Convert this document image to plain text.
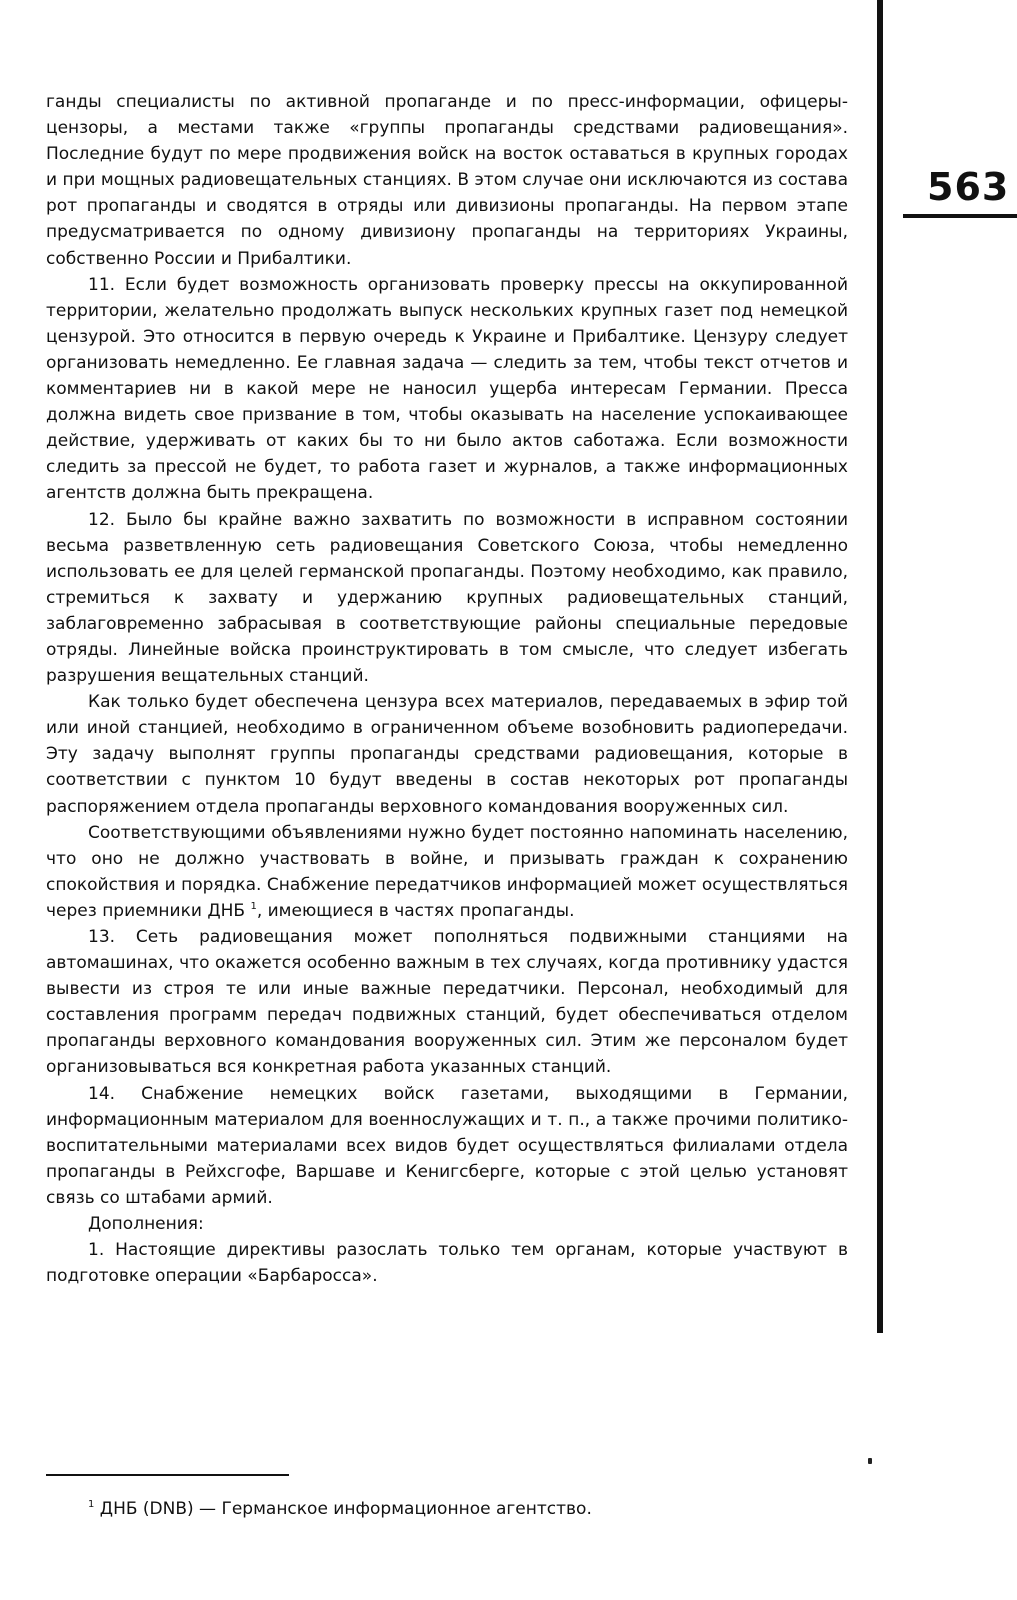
563

ганды специалисты по активной пропаганде и по пресс-информации, офицеры-цензоры, а местами также «группы пропаганды средствами радиовещания». Последние будут по мере продвижения войск на восток оставаться в крупных городах и при мощных радиовещательных станциях. В этом случае они исключаются из состава рот пропаганды и сводятся в отряды или дивизионы пропаганды. На первом этапе предусматривается по одному дивизиону пропаганды на территориях Украины, собственно России и Прибалтики.

11. Если будет возможность организовать проверку прессы на оккупированной территории, желательно продолжать выпуск нескольких крупных газет под немецкой цензурой. Это относится в первую очередь к Украине и Прибалтике. Цензуру следует организовать немедленно. Ее главная задача — следить за тем, чтобы текст отчетов и комментариев ни в какой мере не наносил ущерба интересам Германии. Пресса должна видеть свое призвание в том, чтобы оказывать на население успокаивающее действие, удерживать от каких бы то ни было актов саботажа. Если возможности следить за прессой не будет, то работа газет и журналов, а также информационных агентств должна быть прекращена.

12. Было бы крайне важно захватить по возможности в исправном состоянии весьма разветвленную сеть радиовещания Советского Союза, чтобы немедленно использовать ее для целей германской пропаганды. Поэтому необходимо, как правило, стремиться к захвату и удержанию крупных радиовещательных станций, заблаговременно забрасывая в соответствующие районы специальные передовые отряды. Линейные войска проинструктировать в том смысле, что следует избегать разрушения вещательных станций.

Как только будет обеспечена цензура всех материалов, передаваемых в эфир той или иной станцией, необходимо в ограниченном объеме возобновить радиопередачи. Эту задачу выполнят группы пропаганды средствами радиовещания, которые в соответствии с пунктом 10 будут введены в состав некоторых рот пропаганды распоряжением отдела пропаганды верховного командования вооруженных сил.

Соответствующими объявлениями нужно будет постоянно напоминать населению, что оно не должно участвовать в войне, и призывать граждан к сохранению спокойствия и порядка. Снабжение передатчиков информацией может осуществляться через приемники ДНБ $^1$, имеющиеся в частях пропаганды.

13. Сеть радиовещания может пополняться подвижными станциями на автомашинах, что окажется особенно важным в тех случаях, когда противнику удастся вывести из строя те или иные важные передатчики. Персонал, необходимый для составления программ передач подвижных станций, будет обеспечиваться отделом пропаганды верховного командования вооруженных сил. Этим же персоналом будет организовываться вся конкретная работа указанных станций.

14. Снабжение немецких войск газетами, выходящими в Германии, информационным материалом для военнослужащих и т. п., а также прочими политико-воспитательными материалами всех видов будет осуществляться филиалами отдела пропаганды в Рейхсгофе, Варшаве и Кенигсберге, которые с этой целью установят связь со штабами армий.

Дополнения:

1. Настоящие директивы разослать только тем органам, которые участвуют в подготовке операции «Барбаросса».

$^1$ ДНБ (DNB) — Германское информационное агентство.
